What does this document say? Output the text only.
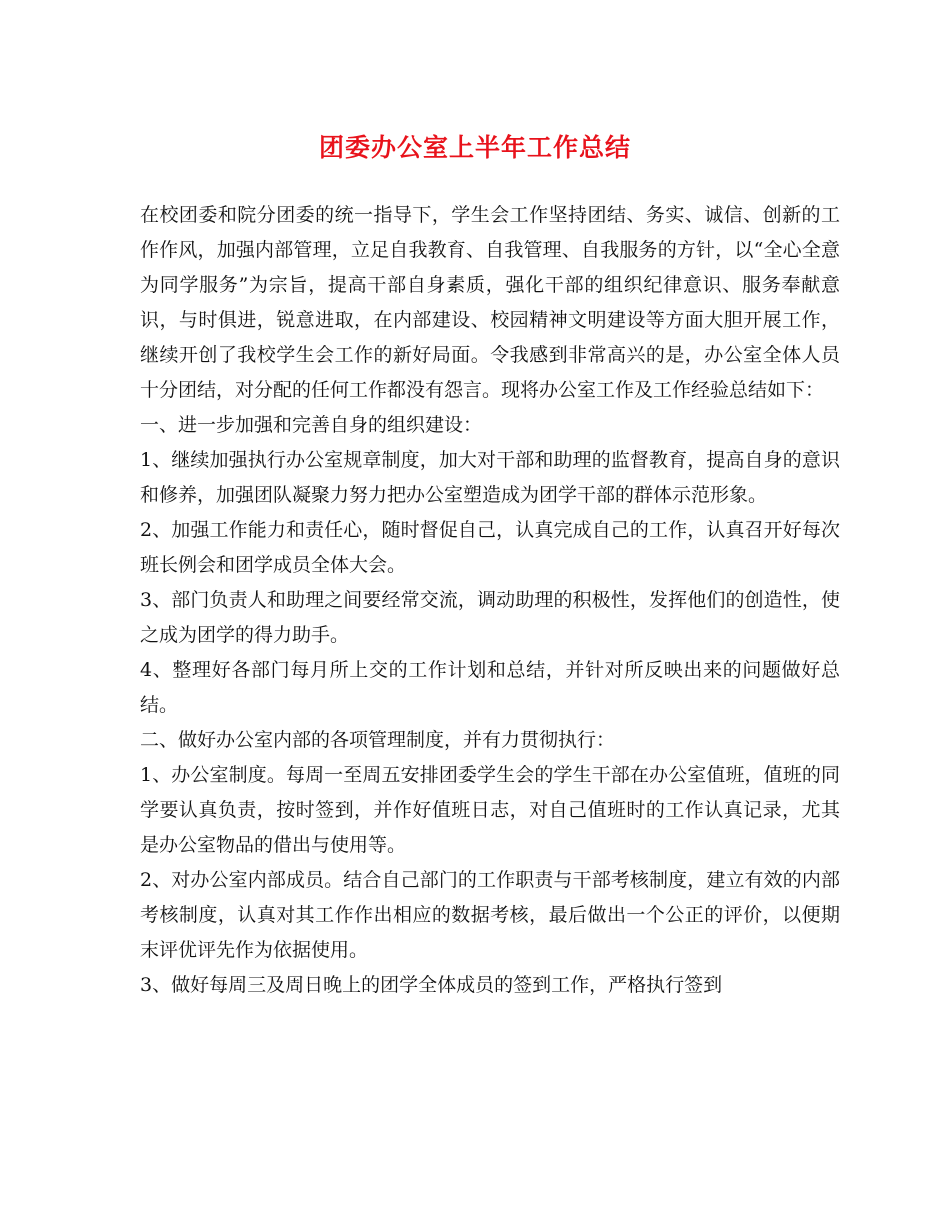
团委办公室上半年工作总结

在校团委和院分团委的统一指导下，学生会工作坚持团结、务实、诚信、创新的工作作风，加强内部管理，立足自我教育、自我管理、自我服务的方针，以“全心全意为同学服务”为宗旨，提高干部自身素质，强化干部的组织纪律意识、服务奉献意识，与时俱进，锐意进取，在内部建设、校园精神文明建设等方面大胆开展工作，继续开创了我校学生会工作的新好局面。令我感到非常高兴的是，办公室全体人员十分团结，对分配的任何工作都没有怨言。现将办公室工作及工作经验总结如下：

一、进一步加强和完善自身的组织建设：

1、继续加强执行办公室规章制度，加大对干部和助理的监督教育，提高自身的意识和修养，加强团队凝聚力努力把办公室塑造成为团学干部的群体示范形象。

2、加强工作能力和责任心，随时督促自己，认真完成自己的工作，认真召开好每次班长例会和团学成员全体大会。

3、部门负责人和助理之间要经常交流，调动助理的积极性，发挥他们的创造性，使之成为团学的得力助手。

4、整理好各部门每月所上交的工作计划和总结，并针对所反映出来的问题做好总结。

二、做好办公室内部的各项管理制度，并有力贯彻执行：

1、办公室制度。每周一至周五安排团委学生会的学生干部在办公室值班，值班的同学要认真负责，按时签到，并作好值班日志，对自己值班时的工作认真记录，尤其是办公室物品的借出与使用等。

2、对办公室内部成员。结合自己部门的工作职责与干部考核制度，建立有效的内部考核制度，认真对其工作作出相应的数据考核，最后做出一个公正的评价，以便期末评优评先作为依据使用。

3、做好每周三及周日晚上的团学全体成员的签到工作，严格执行签到
